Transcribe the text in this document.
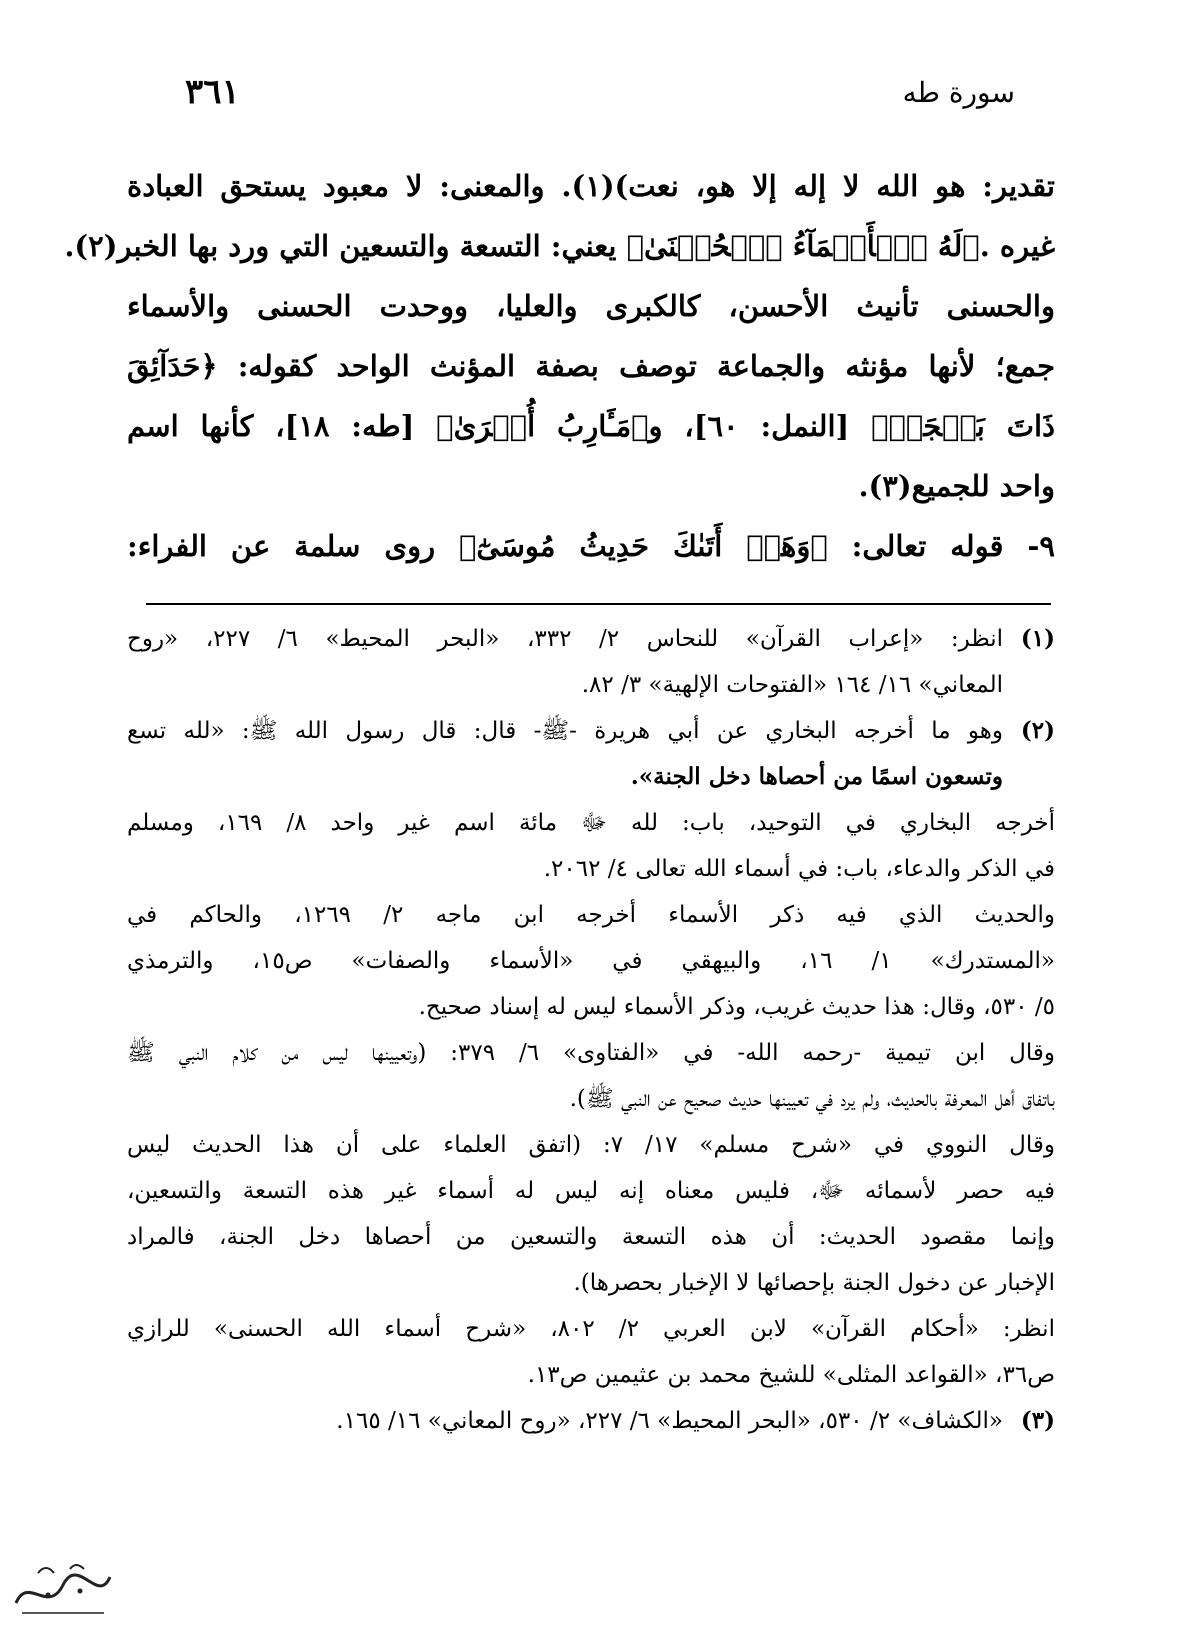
٣٦١	سورة طه
تقدير: هو الله لا إله إلا هو، نعت)(١). والمعنى: لا معبود يستحق العبادة
غيره .﴿لَهُ ٱلۡأَسۡمَآءُ ٱلۡحُسۡنَىٰ﴾ يعني: التسعة والتسعين التي ورد بها الخبر(٢).
والحسنى تأنيث الأحسن، كالكبرى والعليا، ووحدت الحسنى والأسماء
جمع؛ لأنها مؤنثه والجماعة توصف بصفة المؤنث الواحد كقوله: ﴿حَدَآئِقَ
ذَاتَ بَهۡجَةٖ﴾ [النمل: ٦٠]، و﴿مَـَٔارِبُ أُخۡرَىٰ﴾ [طه: ١٨]، كأنها اسم
واحد للجميع(٣).
٩- قوله تعالى: ﴿وَهَلۡ أَتَىٰكَ حَدِيثُ مُوسَىٰٓ﴾ روى سلمة عن الفراء:
(١)
انظر: «إعراب القرآن» للنحاس ٢/ ٣٣٢، «البحر المحيط» ٦/ ٢٢٧، «روح
المعاني» ١٦/ ١٦٤ «الفتوحات الإلهية» ٣/ ٨٢.
(٢)
وهو ما أخرجه البخاري عن أبي هريرة -ﷺ- قال: قال رسول الله ﷺ: «لله تسع
وتسعون اسمًا من أحصاها دخل الجنة».
أخرجه البخاري في التوحيد، باب: لله ﷻ مائة اسم غير واحد ٨/ ١٦٩، ومسلم
في الذكر والدعاء، باب: في أسماء الله تعالى ٤/ ٢٠٦٢.
والحديث الذي فيه ذكر الأسماء أخرجه ابن ماجه ٢/ ١٢٦٩، والحاكم في
«المستدرك» ١/ ١٦، والبيهقي في «الأسماء والصفات» ص١٥، والترمذي
٥/ ٥٣٠، وقال: هذا حديث غريب، وذكر الأسماء ليس له إسناد صحيح.
وقال ابن تيمية -رحمه الله- في «الفتاوى» ٦/ ٣٧٩: (وتعيينها ليس من كلام النبي ﷺ
باتفاق أهل المعرفة بالحديث، ولم يرد في تعيينها حديث صحيح عن النبي ﷺ).
وقال النووي في «شرح مسلم» ١٧/ ٧: (اتفق العلماء على أن هذا الحديث ليس
فيه حصر لأسمائه ﷻ، فليس معناه إنه ليس له أسماء غير هذه التسعة والتسعين،
وإنما مقصود الحديث: أن هذه التسعة والتسعين من أحصاها دخل الجنة، فالمراد
الإخبار عن دخول الجنة بإحصائها لا الإخبار بحصرها).
انظر: «أحكام القرآن» لابن العربي ٢/ ٨٠٢، «شرح أسماء الله الحسنى» للرازي
ص٣٦، «القواعد المثلى» للشيخ محمد بن عثيمين ص١٣.
(٣)
«الكشاف» ٢/ ٥٣٠، «البحر المحيط» ٦/ ٢٢٧، «روح المعاني» ١٦/ ١٦٥.
